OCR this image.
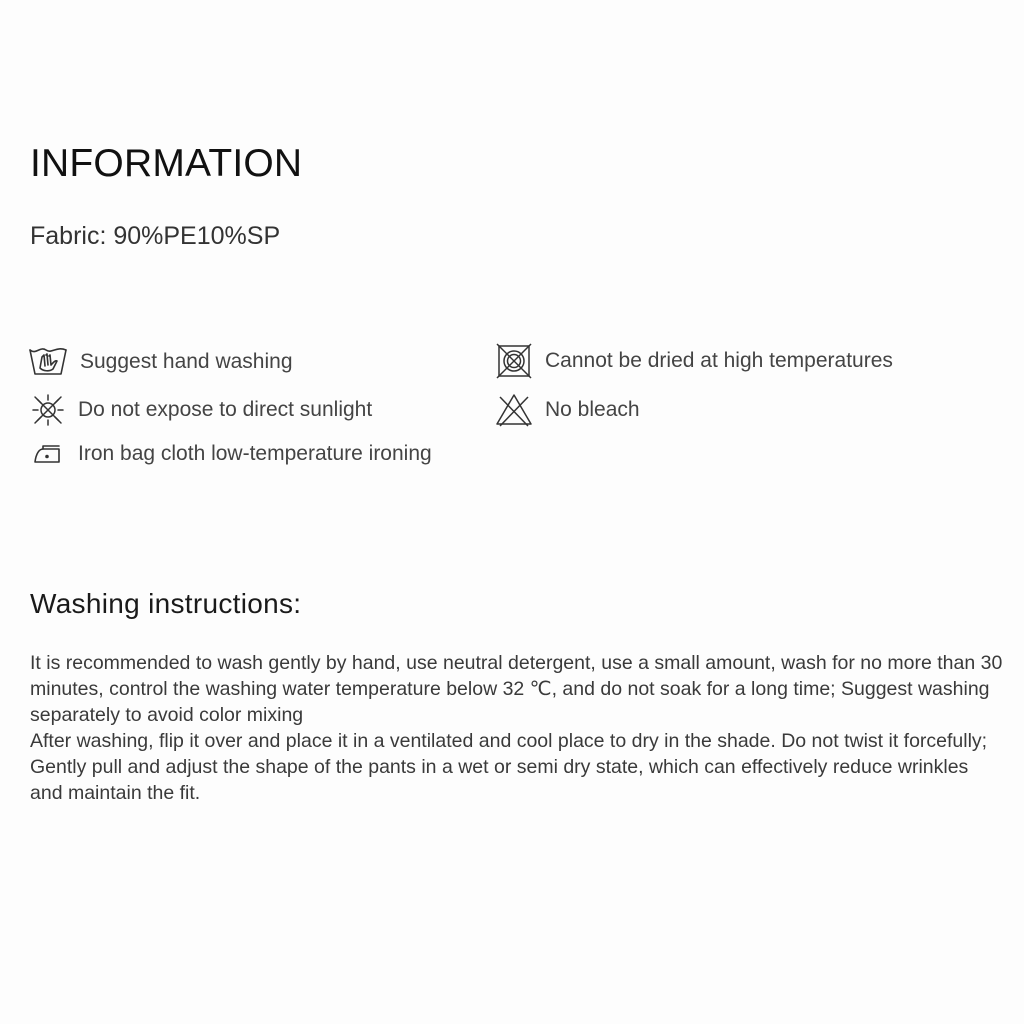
INFORMATION

Fabric: 90%PE10%SP

Suggest hand washing
Do not expose to direct sunlight
Iron bag cloth low-temperature ironing
Cannot be dried at high temperatures
No bleach
Washing instructions:

It is recommended to wash gently by hand, use neutral detergent, use a small amount, wash for no more than 30 minutes, control the washing water temperature below 32 ℃, and do not soak for a long time; Suggest washing separately to avoid color mixing

After washing, flip it over and place it in a ventilated and cool place to dry in the shade. Do not twist it forcefully; Gently pull and adjust the shape of the pants in a wet or semi dry state, which can effectively reduce wrinkles and maintain the fit.
